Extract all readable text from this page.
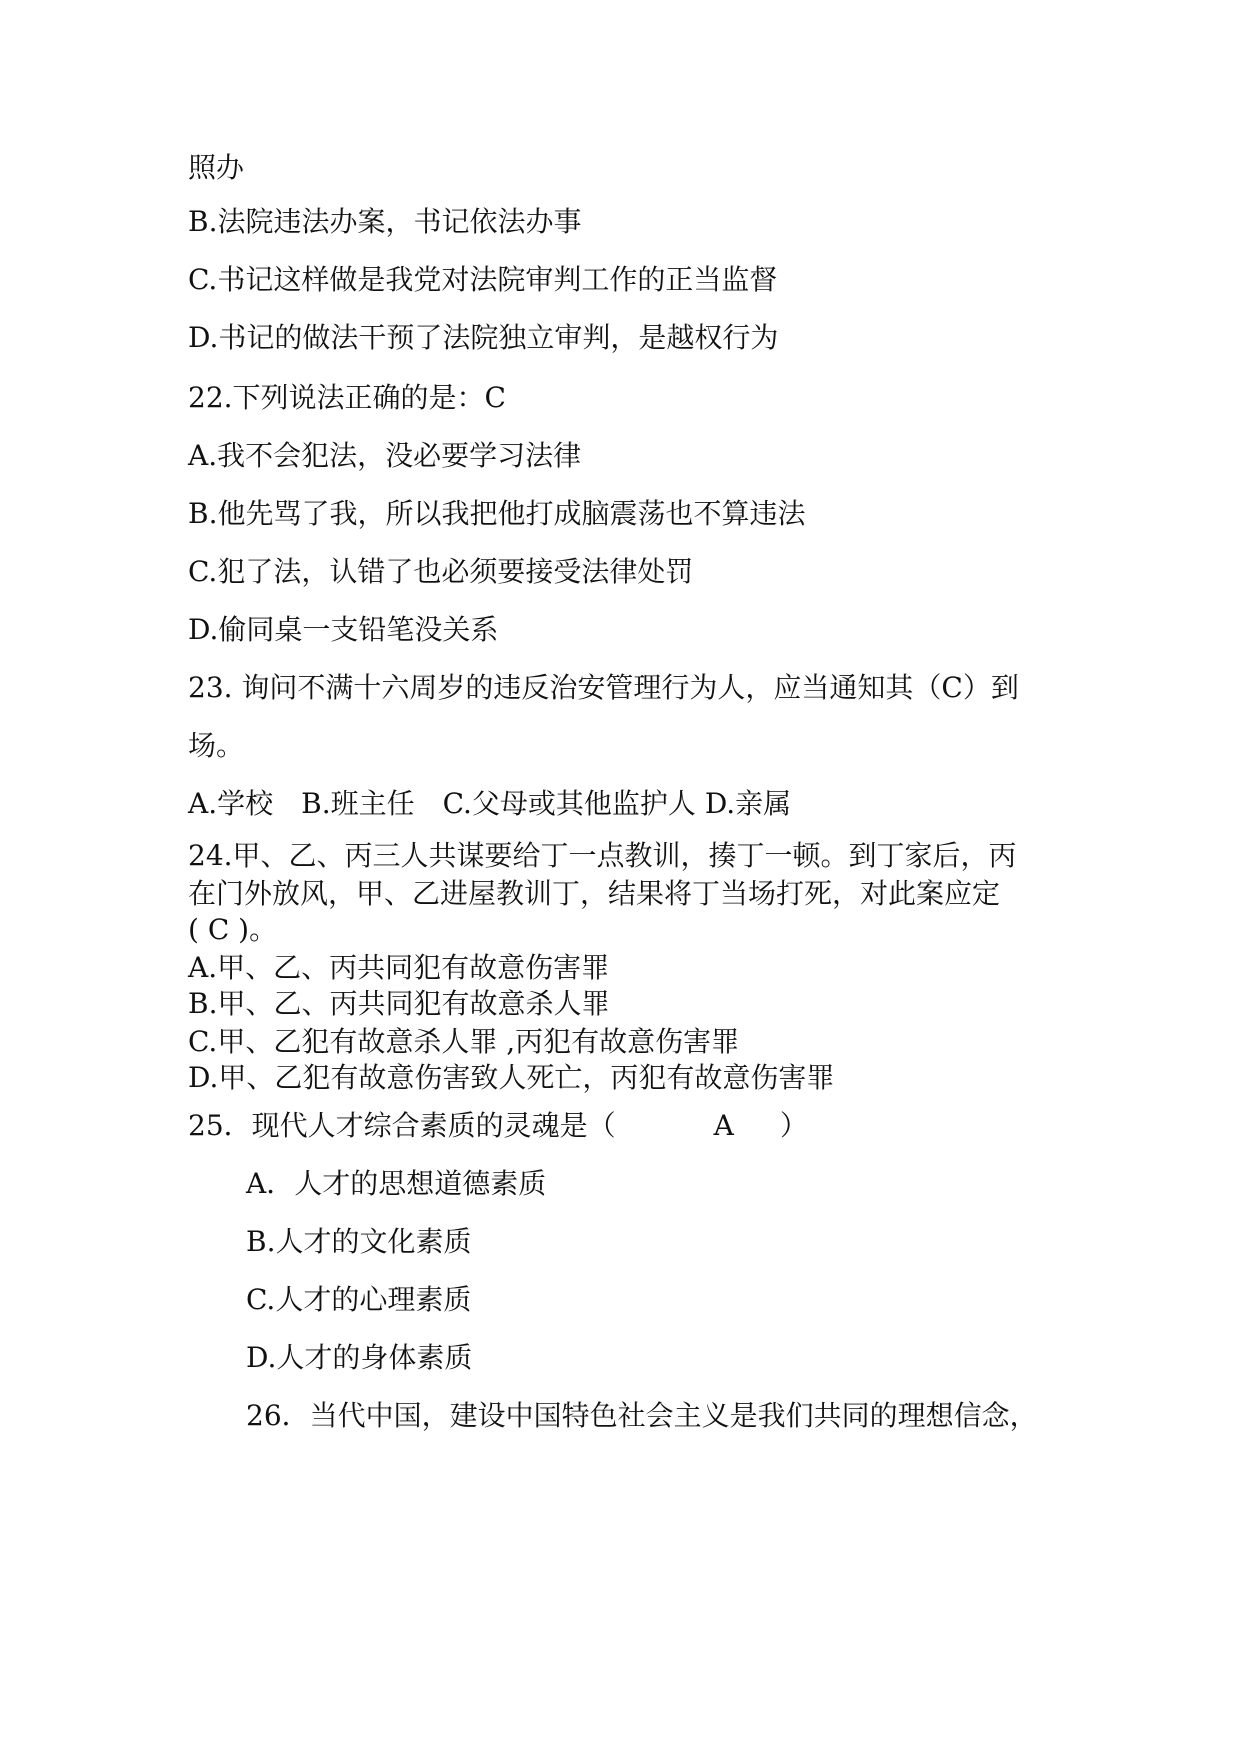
照办
B.法院违法办案，书记依法办事
C.书记这样做是我党对法院审判工作的正当监督
D.书记的做法干预了法院独立审判，是越权行为
22.下列说法正确的是：C
A.我不会犯法，没必要学习法律
B.他先骂了我，所以我把他打成脑震荡也不算违法
C.犯了法，认错了也必须要接受法律处罚
D.偷同桌一支铅笔没关系
23. 询问不满十六周岁的违反治安管理行为人，应当通知其（C）到
场。
A.学校　B.班主任　C.父母或其他监护人 D.亲属
24.甲、乙、丙三人共谋要给丁一点教训，揍丁一顿。到丁家后，丙
在门外放风，甲、乙进屋教训丁，结果将丁当场打死，对此案应定
( C )。
A.甲、乙、丙共同犯有故意伤害罪
B.甲、乙、丙共同犯有故意杀人罪
C.甲、乙犯有故意杀人罪 ,丙犯有故意伤害罪
D.甲、乙犯有故意伤害致人死亡，丙犯有故意伤害罪
25．现代人才综合素质的灵魂是（	A ）
A．人才的思想道德素质
B.人才的文化素质
C.人才的心理素质
D.人才的身体素质
26．当代中国，建设中国特色社会主义是我们共同的理想信念，
